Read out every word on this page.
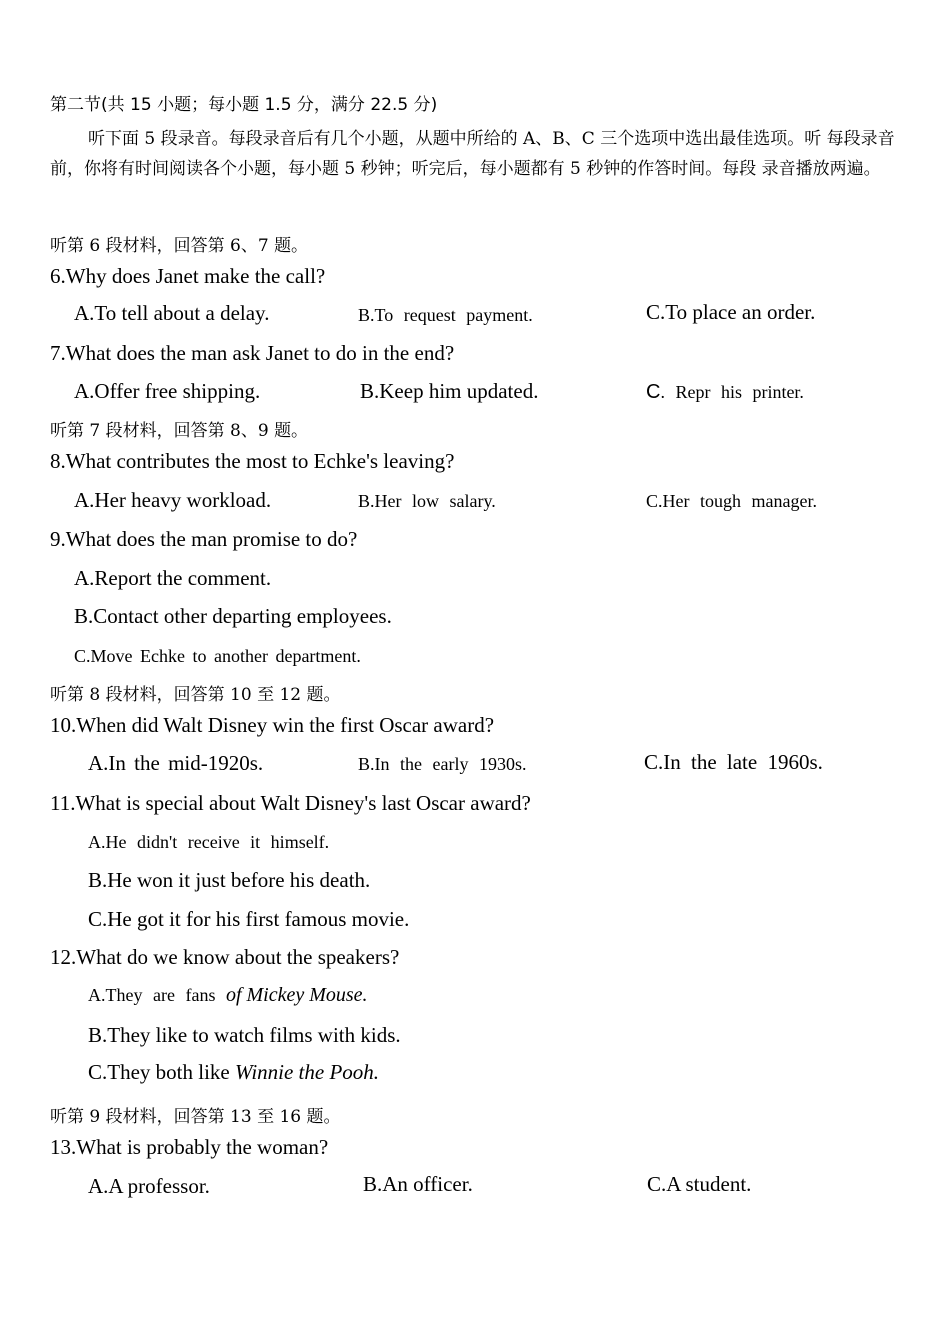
第二节(共 15 小题；每小题 1.5 分，满分 22.5 分)
听下面 5 段录音。每段录音后有几个小题，从题中所给的 A、B、C 三个选项中选出最佳选项。听 每段录音前，你将有时间阅读各个小题，每小题 5 秒钟；听完后，每小题都有 5 秒钟的作答时间。每段 录音播放两遍。
听第 6 段材料，回答第 6、7 题。
6.Why does Janet make the call?
A.To tell about a delay.	B.To request payment.	C.To place an order.
7.What does the man ask Janet to do in the end?
A.Offer free shipping.	B.Keep him updated.	C. Repr his printer.
听第 7 段材料，回答第 8、9 题。
8.What contributes the most to Echke's leaving?
A.Her heavy workload.	B.Her low salary.	C.Her tough manager.
9.What does the man promise to do?
A.Report the comment.
B.Contact other departing employees.
C.Move Echke to another department.
听第 8 段材料，回答第 10 至 12 题。
10.When did Walt Disney win the first Oscar award?
A.In the mid-1920s.	B.In the early 1930s.	C.In the late 1960s.
11.What is special about Walt Disney's last Oscar award?
A.He didn't receive it himself.
B.He won it just before his death.
C.He got it for his first famous movie.
12.What do we know about the speakers?
A.They are fans of Mickey Mouse.
B.They like to watch films with kids.
C.They both like Winnie the Pooh.
听第 9 段材料，回答第 13 至 16 题。
13.What is probably the woman?
A.A professor.	B.An officer.	C.A student.
